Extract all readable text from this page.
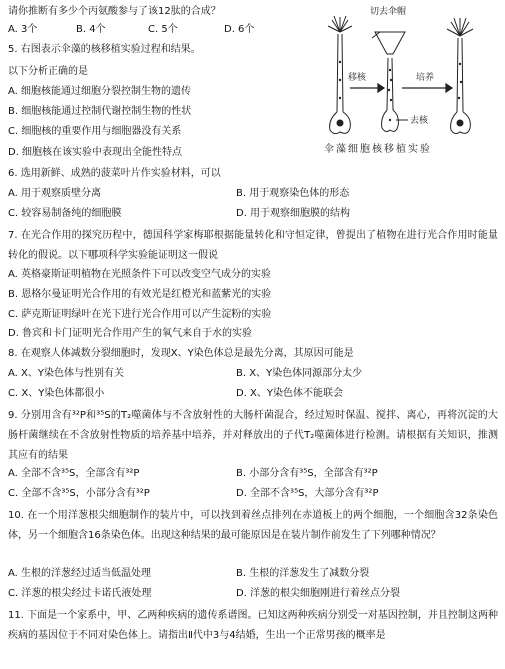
请你推断有多少个丙氨酸参与了该12肽的合成？
A. 3个	B. 4个	C. 5个	D. 6个
5. 右图表示伞藻的核移植实验过程和结果。
以下分析正确的是
A. 细胞核能通过细胞分裂控制生物的遗传
B. 细胞核能通过控制代谢控制生物的性状
C. 细胞核的重要作用与细胞器没有关系
D. 细胞核在该实验中表现出全能性特点
切去伞帽
移核	培养
去核
伞藻细胞核移植实验
6. 选用新鲜、成熟的菠菜叶片作实验材料，可以
A. 用于观察质壁分离	B. 用于观察染色体的形态
C. 较容易制备纯的细胞膜	D. 用于观察细胞膜的结构
7. 在光合作用的探究历程中，德国科学家梅耶根据能量转化和守恒定律，曾提出了植物在进行光合作用时能量转化的假说。以下哪项科学实验能证明这一假说
A. 英格豪斯证明植物在光照条件下可以改变空气成分的实验
B. 恩格尔曼证明光合作用的有效光是红橙光和蓝紫光的实验
C. 萨克斯证明绿叶在光下进行光合作用可以产生淀粉的实验
D. 鲁宾和卡门证明光合作用产生的氧气来自于水的实验
8. 在观察人体减数分裂细胞时，发现X、Y染色体总是最先分离，其原因可能是
A. X、Y染色体与性别有关	B. X、Y染色体同源部分太少
C. X、Y染色体都很小	D. X、Y染色体不能联会
9. 分别用含有³²P和³⁵S的T₂噬菌体与不含放射性的大肠杆菌混合，经过短时保温、搅拌、离心，再将沉淀的大肠杆菌继续在不含放射性物质的培养基中培养，并对释放出的子代T₂噬菌体进行检测。请根据有关知识，推测其应有的结果
A. 全部不含³⁵S，全部含有³²P	B. 小部分含有³⁵S，全部含有³²P
C. 全部不含³⁵S，小部分含有³²P	D. 全部不含³⁵S，大部分含有³²P
10. 在一个用洋葱根尖细胞制作的装片中，可以找到着丝点排列在赤道板上的两个细胞，一个细胞含32条染色体，另一个细胞含16条染色体。出现这种结果的最可能原因是在装片制作前发生了下列哪种情况？
A. 生根的洋葱经过适当低温处理	B. 生根的洋葱发生了减数分裂
C. 洋葱的根尖经过卡诺氏液处理	D. 洋葱的根尖细胞刚进行着丝点分裂
11. 下面是一个家系中，甲、乙两种疾病的遗传系谱图。已知这两种疾病分别受一对基因控制，并且控制这两种疾病的基因位于不同对染色体上。请指出Ⅱ代中3与4结婚，生出一个正常男孩的概率是
